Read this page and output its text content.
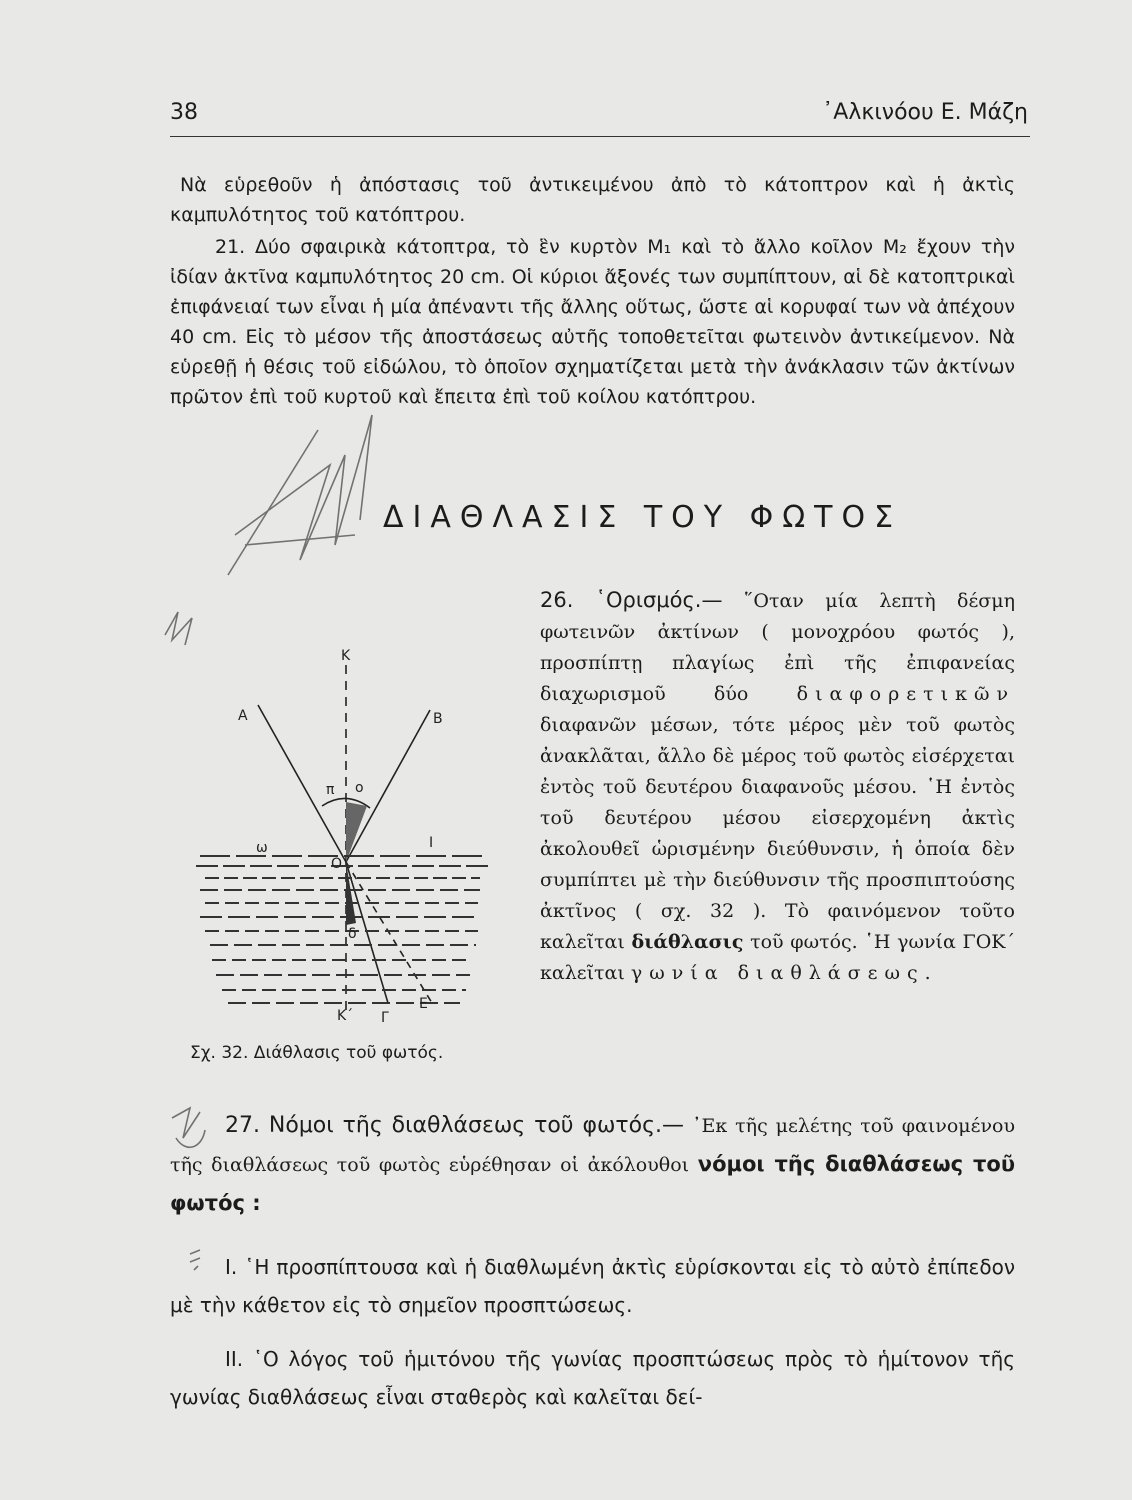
38	᾿Αλκινόου Ε. Μάζη
Νὰ εὑρεθοῦν ἡ ἀπόστασις τοῦ ἀντικειμένου ἀπὸ τὸ κάτοπτρον καὶ ἡ ἀκτὶς καμπυλότητος τοῦ κατόπτρου.
21. Δύο σφαιρικὰ κάτοπτρα, τὸ ἓν κυρτὸν M₁ καὶ τὸ ἄλλο κοῖλον M₂ ἔχουν τὴν ἰδίαν ἀκτῖνα καμπυλότητος 20 cm. Οἱ κύριοι ἄξονές των συμπίπτουν, αἱ δὲ κατοπτρικαὶ ἐπιφάνειαί των εἶναι ἡ μία ἀπέναντι τῆς ἄλλης οὕτως, ὥστε αἱ κορυφαί των νὰ ἀπέχουν 40 cm. Εἰς τὸ μέσον τῆς ἀποστάσεως αὐτῆς τοποθετεῖται φωτεινὸν ἀντικείμενον. Νὰ εὑρεθῇ ἡ θέσις τοῦ εἰδώλου, τὸ ὁποῖον σχηματίζεται μετὰ τὴν ἀνάκλασιν τῶν ἀκτίνων πρῶτον ἐπὶ τοῦ κυρτοῦ καὶ ἔπειτα ἐπὶ τοῦ κοίλου κατόπτρου.
ΔΙΑΘΛΑΣΙΣ ΤΟΥ ΦΩΤΟΣ
Κ
Α	Β
π ο
ω	Ι
Ο
δ
Ε
Κ΄ Γ
26. ῾Ορισμός.— ῞Οταν μία λεπτὴ δέσμη φωτεινῶν ἀκτίνων ( μονοχρόου φωτός ), προσπίπτῃ πλαγίως ἐπὶ τῆς ἐπιφανείας διαχωρισμοῦ δύο	διαφορετικῶν διαφανῶν μέσων, τότε μέρος μὲν τοῦ φωτὸς ἀνακλᾶται, ἄλλο δὲ μέρος τοῦ φωτὸς εἰσέρχεται ἐντὸς τοῦ δευτέρου διαφανοῦς μέσου. ῾Η ἐντὸς τοῦ δευτέρου μέσου εἰσερχομένη ἀκτὶς ἀκολουθεῖ ὡρισμένην διεύθυνσιν, ἡ ὁποία δὲν συμπίπτει μὲ τὴν διεύθυνσιν τῆς προσπιπτούσης ἀκτῖνος ( σχ. 32 ). Τὸ φαινόμενον τοῦτο καλεῖται διάθλασις τοῦ φωτός. ῾Η γωνία ΓΟΚ΄ καλεῖται γωνία διαθλάσεως.
Σχ. 32. Διάθλασις τοῦ φωτός.
27. Νόμοι τῆς διαθλάσεως τοῦ φωτός.— ᾿Εκ τῆς μελέτης τοῦ φαινομένου τῆς διαθλάσεως τοῦ φωτὸς εὑρέθησαν οἱ ἀκόλουθοι νόμοι τῆς διαθλάσεως τοῦ φωτός :
I. ῾Η προσπίπτουσα καὶ ἡ διαθλωμένη ἀκτὶς εὑρίσκονται εἰς τὸ αὐτὸ ἐπίπεδον μὲ τὴν κάθετον εἰς τὸ σημεῖον προσπτώσεως.
II. ῾Ο λόγος τοῦ ἡμιτόνου τῆς γωνίας προσπτώσεως πρὸς τὸ ἡμίτονον τῆς γωνίας διαθλάσεως εἶναι σταθερὸς καὶ καλεῖται δεί-
